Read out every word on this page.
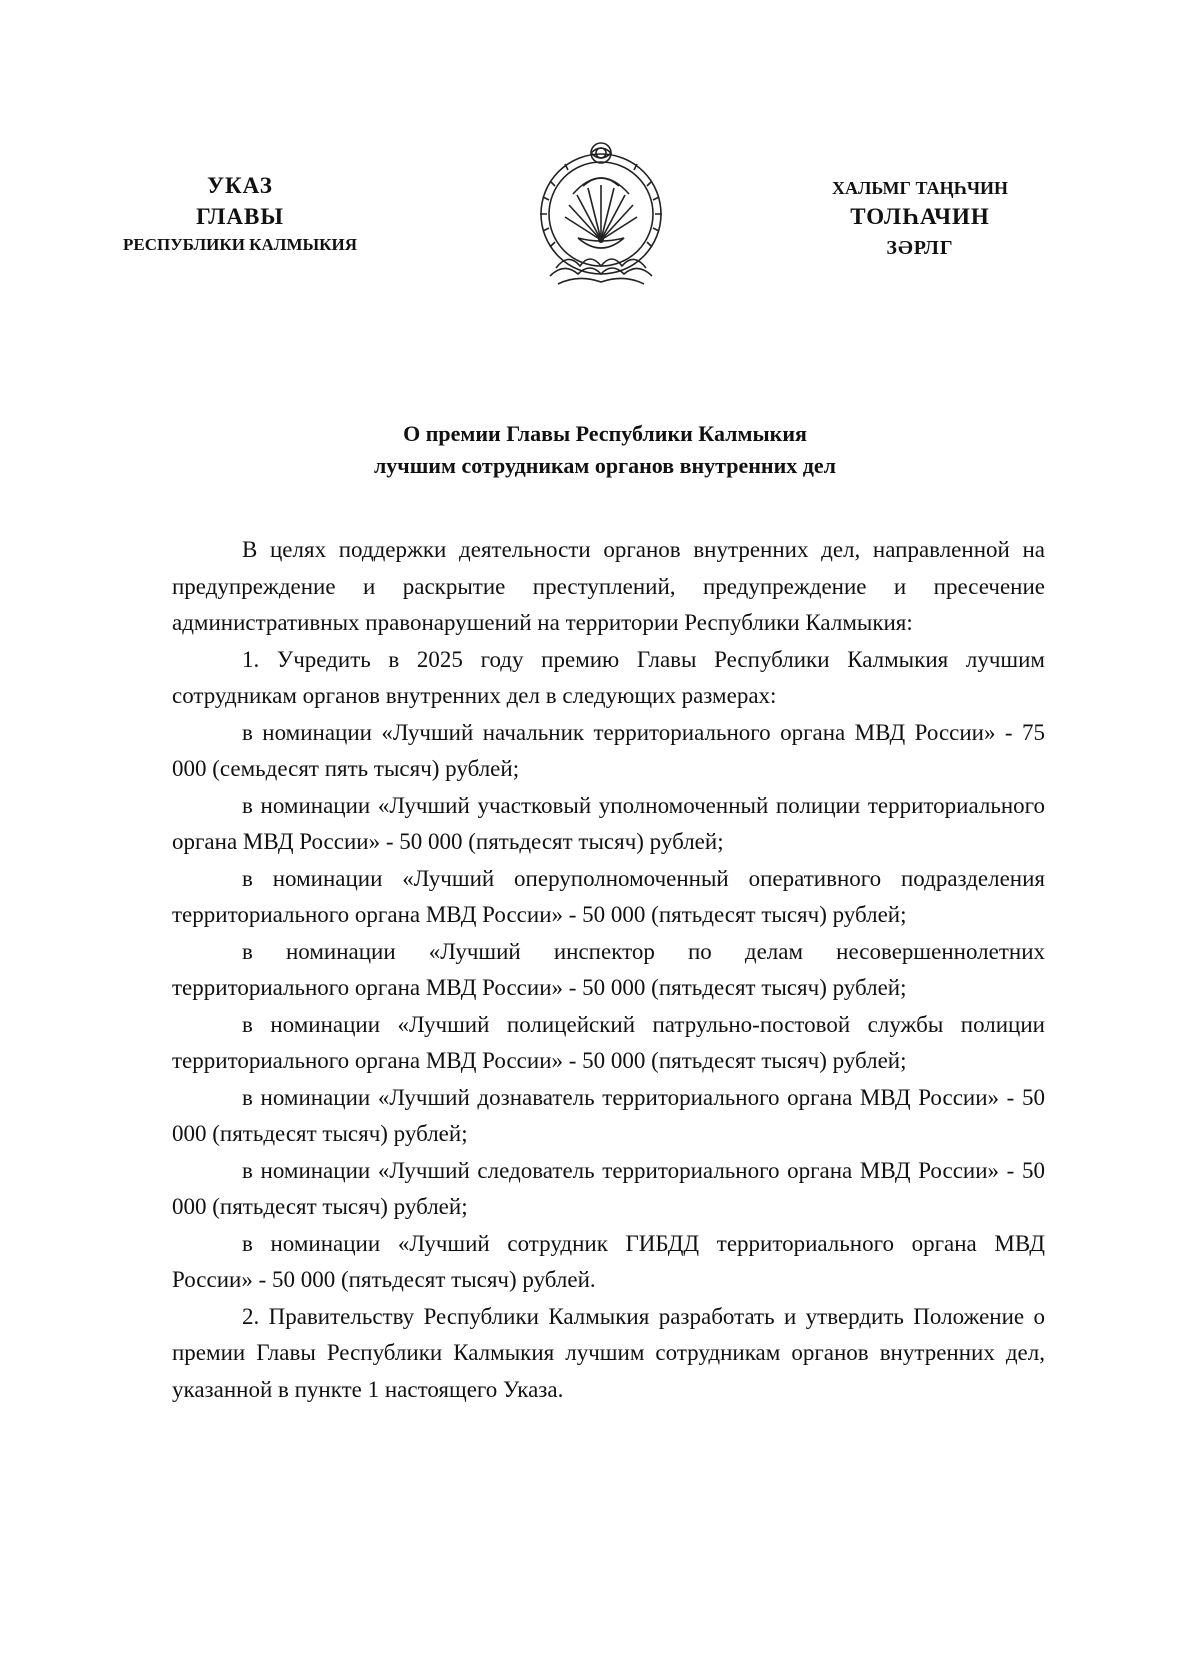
УКАЗ
ГЛАВЫ
РЕСПУБЛИКИ КАЛМЫКИЯ
ХАЛЬМГ ТАҢҺЧИН
ТОЛҺАЧИН
ЗӘРЛГ
О премии Главы Республики Калмыкия
лучшим сотрудникам органов внутренних дел

В целях поддержки деятельности органов внутренних дел, направленной на предупреждение и раскрытие преступлений, предупреждение и пресечение административных правонарушений на территории Республики Калмыкия:

1. Учредить в 2025 году премию Главы Республики Калмыкия лучшим сотрудникам органов внутренних дел в следующих размерах:

в номинации «Лучший начальник территориального органа МВД России» - 75 000 (семьдесят пять тысяч) рублей;

в номинации «Лучший участковый уполномоченный полиции территориального органа МВД России» - 50 000 (пятьдесят тысяч) рублей;

в номинации «Лучший оперуполномоченный оперативного подразделения территориального органа МВД России» - 50 000 (пятьдесят тысяч) рублей;

в номинации «Лучший инспектор по делам несовершеннолетних территориального органа МВД России» - 50 000 (пятьдесят тысяч) рублей;

в номинации «Лучший полицейский патрульно-постовой службы полиции территориального органа МВД России» - 50 000 (пятьдесят тысяч) рублей;

в номинации «Лучший дознаватель территориального органа МВД России» - 50 000 (пятьдесят тысяч) рублей;

в номинации «Лучший следователь территориального органа МВД России» - 50 000 (пятьдесят тысяч) рублей;

в номинации «Лучший сотрудник ГИБДД территориального органа МВД России» - 50 000 (пятьдесят тысяч) рублей.

2. Правительству Республики Калмыкия разработать и утвердить Положение о премии Главы Республики Калмыкия лучшим сотрудникам органов внутренних дел, указанной в пункте 1 настоящего Указа.
